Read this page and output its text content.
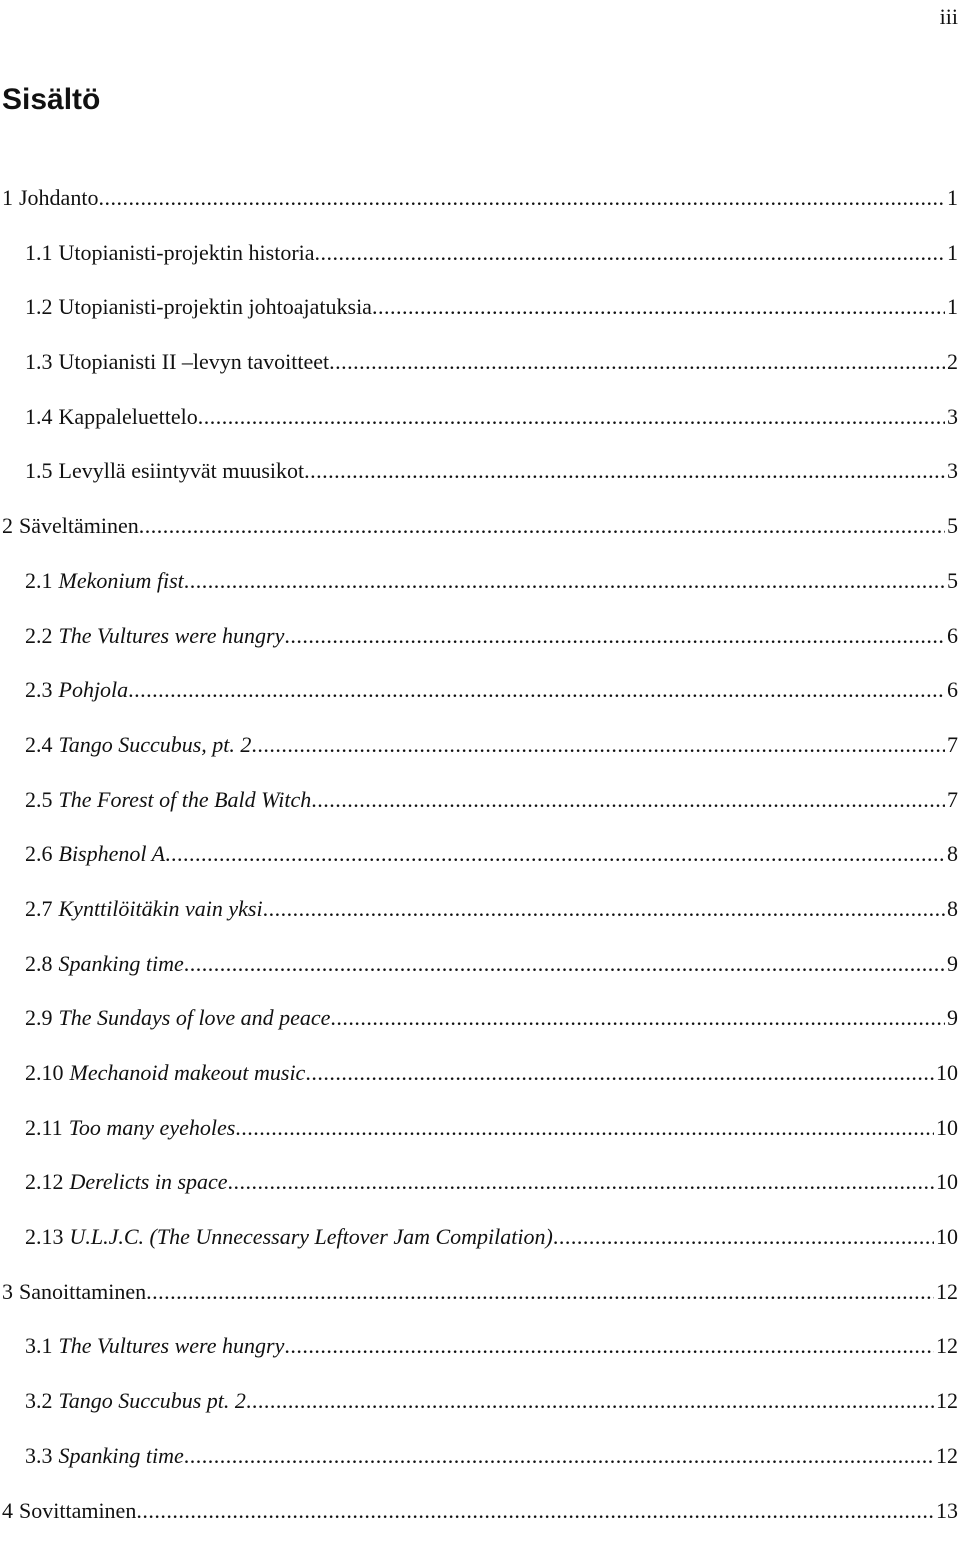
iii
Sisältö
1 Johdanto .....	1
1.1 Utopianisti-projektin historia .....	1
1.2 Utopianisti-projektin johtoajatuksia .....	1
1.3 Utopianisti II –levyn tavoitteet .....	2
1.4 Kappaleluettelo .....	3
1.5 Levyllä esiintyvät muusikot .....	3
2 Säveltäminen .....	5
2.1 Mekonium fist .....	5
2.2 The Vultures were hungry .....	6
2.3 Pohjola .....	6
2.4 Tango Succubus, pt. 2 .....	7
2.5 The Forest of the Bald Witch .....	7
2.6 Bisphenol A .....	8
2.7 Kynttilöitäkin vain yksi .....	8
2.8 Spanking time .....	9
2.9 The Sundays of love and peace .....	9
2.10 Mechanoid makeout music .....	10
2.11 Too many eyeholes .....	10
2.12 Derelicts in space .....	10
2.13 U.L.J.C. (The Unnecessary Leftover Jam Compilation) .....	10
3 Sanoittaminen .....	12
3.1 The Vultures were hungry .....	12
3.2 Tango Succubus pt. 2 .....	12
3.3 Spanking time .....	12
4 Sovittaminen .....	13
